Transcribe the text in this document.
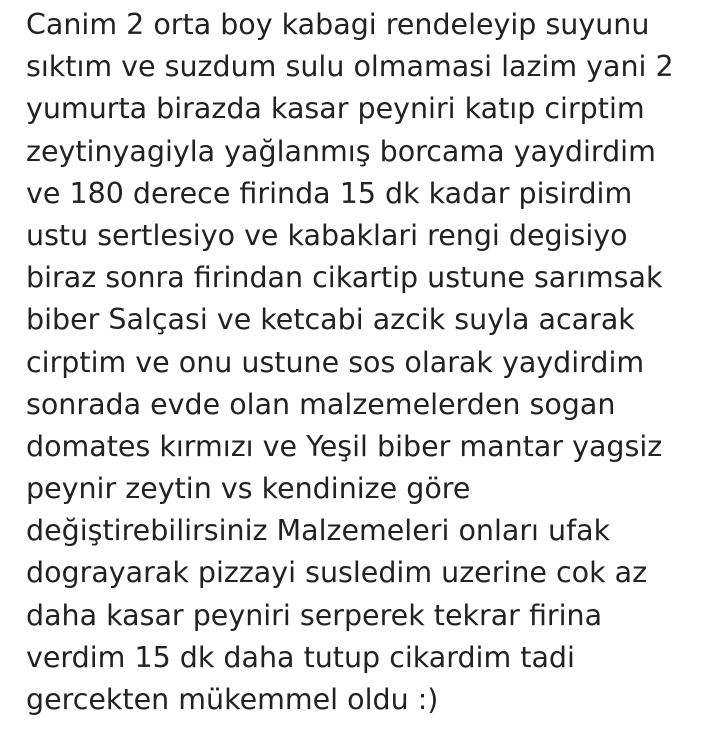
Canim 2 orta boy kabagi rendeleyip suyunu
sıktım ve suzdum sulu olmamasi lazim yani 2
yumurta birazda kasar peyniri katıp cirptim
zeytinyagiyla yağlanmış borcama yaydirdim
ve 180 derece firinda 15 dk kadar pisirdim
ustu sertlesiyo ve kabaklari rengi degisiyo
biraz sonra firindan cikartip ustune sarımsak
biber Salçasi ve ketcabi azcik suyla acarak
cirptim ve onu ustune sos olarak yaydirdim
sonrada evde olan malzemelerden sogan
domates kırmızı ve Yeşil biber mantar yagsiz
peynir zeytin vs kendinize göre
değiştirebilirsiniz Malzemeleri onları ufak
dograyarak pizzayi susledim uzerine cok az
daha kasar peyniri serperek tekrar firina
verdim 15 dk daha tutup cikardim tadi
gercekten mükemmel oldu :)
